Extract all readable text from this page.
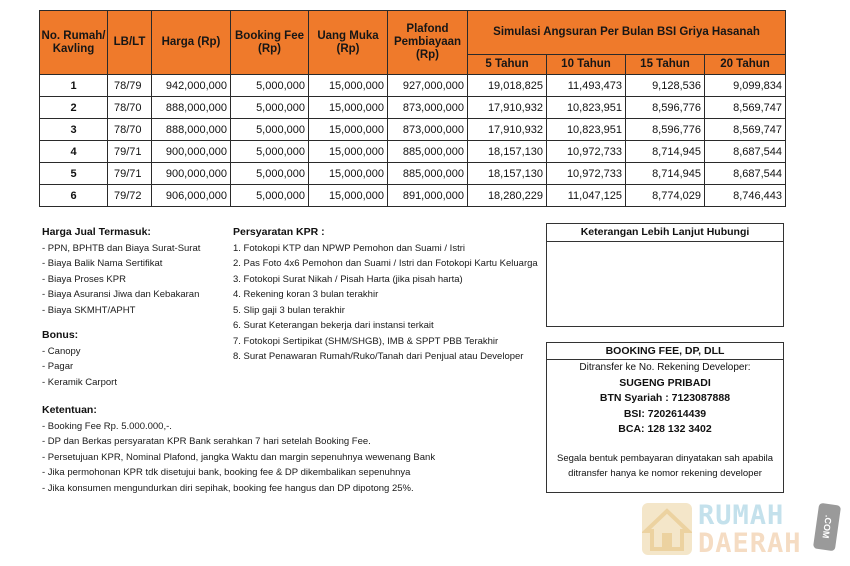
No. Rumah/ Kavling	LB/LT	Harga (Rp)	Booking Fee (Rp)	Uang Muka (Rp)	Plafond Pembiayaan (Rp)	Simulasi Angsuran Per Bulan BSI Griya Hasanah			
						5 Tahun	10 Tahun	15 Tahun	20 Tahun
1	78/79	942,000,000	5,000,000	15,000,000	927,000,000	19,018,825	11,493,473	9,128,536	9,099,834
2	78/70	888,000,000	5,000,000	15,000,000	873,000,000	17,910,932	10,823,951	8,596,776	8,569,747
3	78/70	888,000,000	5,000,000	15,000,000	873,000,000	17,910,932	10,823,951	8,596,776	8,569,747
4	79/71	900,000,000	5,000,000	15,000,000	885,000,000	18,157,130	10,972,733	8,714,945	8,687,544
5	79/71	900,000,000	5,000,000	15,000,000	885,000,000	18,157,130	10,972,733	8,714,945	8,687,544
6	79/72	906,000,000	5,000,000	15,000,000	891,000,000	18,280,229	11,047,125	8,774,029	8,746,443
Harga Jual Termasuk:
- PPN, BPHTB dan Biaya Surat-Surat
- Biaya Balik Nama Sertifikat
- Biaya Proses KPR
- Biaya Asuransi Jiwa dan Kebakaran
- Biaya SKMHT/APHT
Bonus:
- Canopy
- Pagar
- Keramik Carport
Ketentuan:
- Booking Fee Rp. 5.000.000,-.
- DP dan Berkas persyaratan KPR Bank serahkan 7 hari setelah Booking Fee.
- Persetujuan KPR, Nominal Plafond, jangka Waktu dan margin sepenuhnya wewenang Bank
- Jika permohonan KPR tdk disetujui bank, booking fee & DP dikembalikan sepenuhnya
- Jika konsumen mengundurkan diri sepihak, booking fee hangus dan DP dipotong 25%.
Persyaratan KPR :
1. Fotokopi KTP dan NPWP Pemohon dan Suami / Istri
2. Pas Foto 4x6 Pemohon dan Suami / Istri dan Fotokopi Kartu Keluarga
3. Fotokopi Surat Nikah / Pisah Harta (jika pisah harta)
4. Rekening koran 3 bulan terakhir
5. Slip gaji 3 bulan terakhir
6. Surat Keterangan bekerja dari instansi terkait
7. Fotokopi Sertipikat (SHM/SHGB), IMB & SPPT PBB Terakhir
8. Surat Penawaran Rumah/Ruko/Tanah dari Penjual atau Developer
Keterangan Lebih Lanjut Hubungi
BOOKING FEE, DP, DLL
Ditransfer ke No. Rekening Developer:
SUGENG PRIBADI
BTN Syariah : 7123087888
BSI: 7202614439
BCA: 128 132 3402
Segala bentuk pembayaran dinyatakan sah apabila ditransfer hanya ke nomor rekening developer
RUMAH
DAERAH
.COM
